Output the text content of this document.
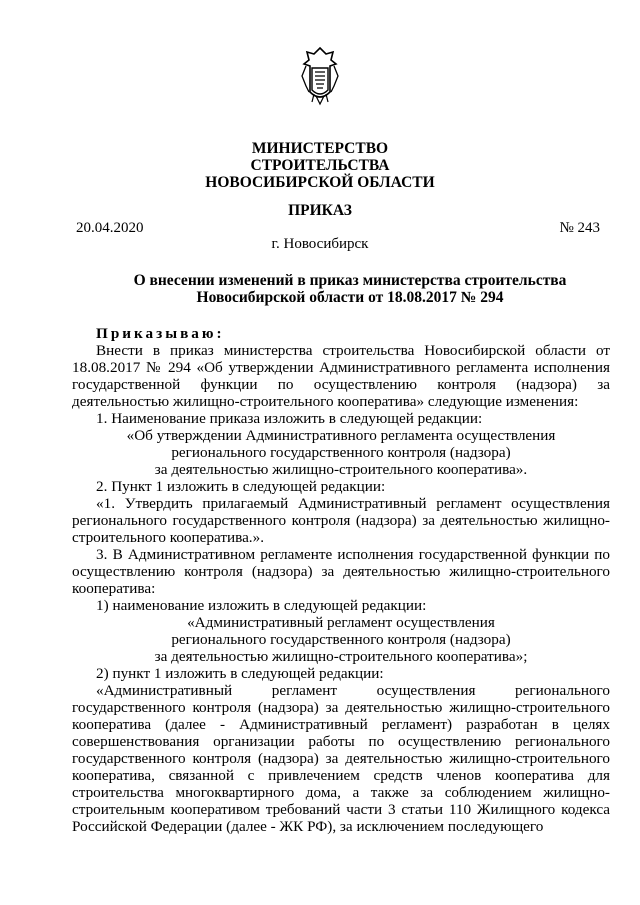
МИНИСТЕРСТВО
СТРОИТЕЛЬСТВА
НОВОСИБИРСКОЙ ОБЛАСТИ
ПРИКАЗ
20.04.2020	№ 243
г. Новосибирск
О внесении изменений в приказ министерства строительства
Новосибирской области от 18.08.2017 № 294

Приказываю:

Внести в приказ министерства строительства Новосибирской области от 18.08.2017 № 294 «Об утверждении Административного регламента исполнения государственной функции по осуществлению контроля (надзора) за деятельностью жилищно-строительного кооператива» следующие изменения:

1. Наименование приказа изложить в следующей редакции:

«Об утверждении Административного регламента осуществления
регионального государственного контроля (надзора)
за деятельностью жилищно-строительного кооператива».

2. Пункт 1 изложить в следующей редакции:

«1. Утвердить прилагаемый Административный регламент осуществления регионального государственного контроля (надзора) за деятельностью жилищно-строительного кооператива.».

3. В Административном регламенте исполнения государственной функции по осуществлению контроля (надзора) за деятельностью жилищно-строительного кооператива:

1) наименование изложить в следующей редакции:

«Административный регламент осуществления
регионального государственного контроля (надзора)
за деятельностью жилищно-строительного кооператива»;

2) пункт 1 изложить в следующей редакции:

«Административный регламент осуществления регионального государственного контроля (надзора) за деятельностью жилищно-строительного кооператива (далее - Административный регламент) разработан в целях совершенствования организации работы по осуществлению регионального государственного контроля (надзора) за деятельностью жилищно-строительного кооператива, связанной с привлечением средств членов кооператива для строительства многоквартирного дома, а также за соблюдением жилищно-строительным кооперативом требований части 3 статьи 110 Жилищного кодекса Российской Федерации (далее - ЖК РФ), за исключением последующего
